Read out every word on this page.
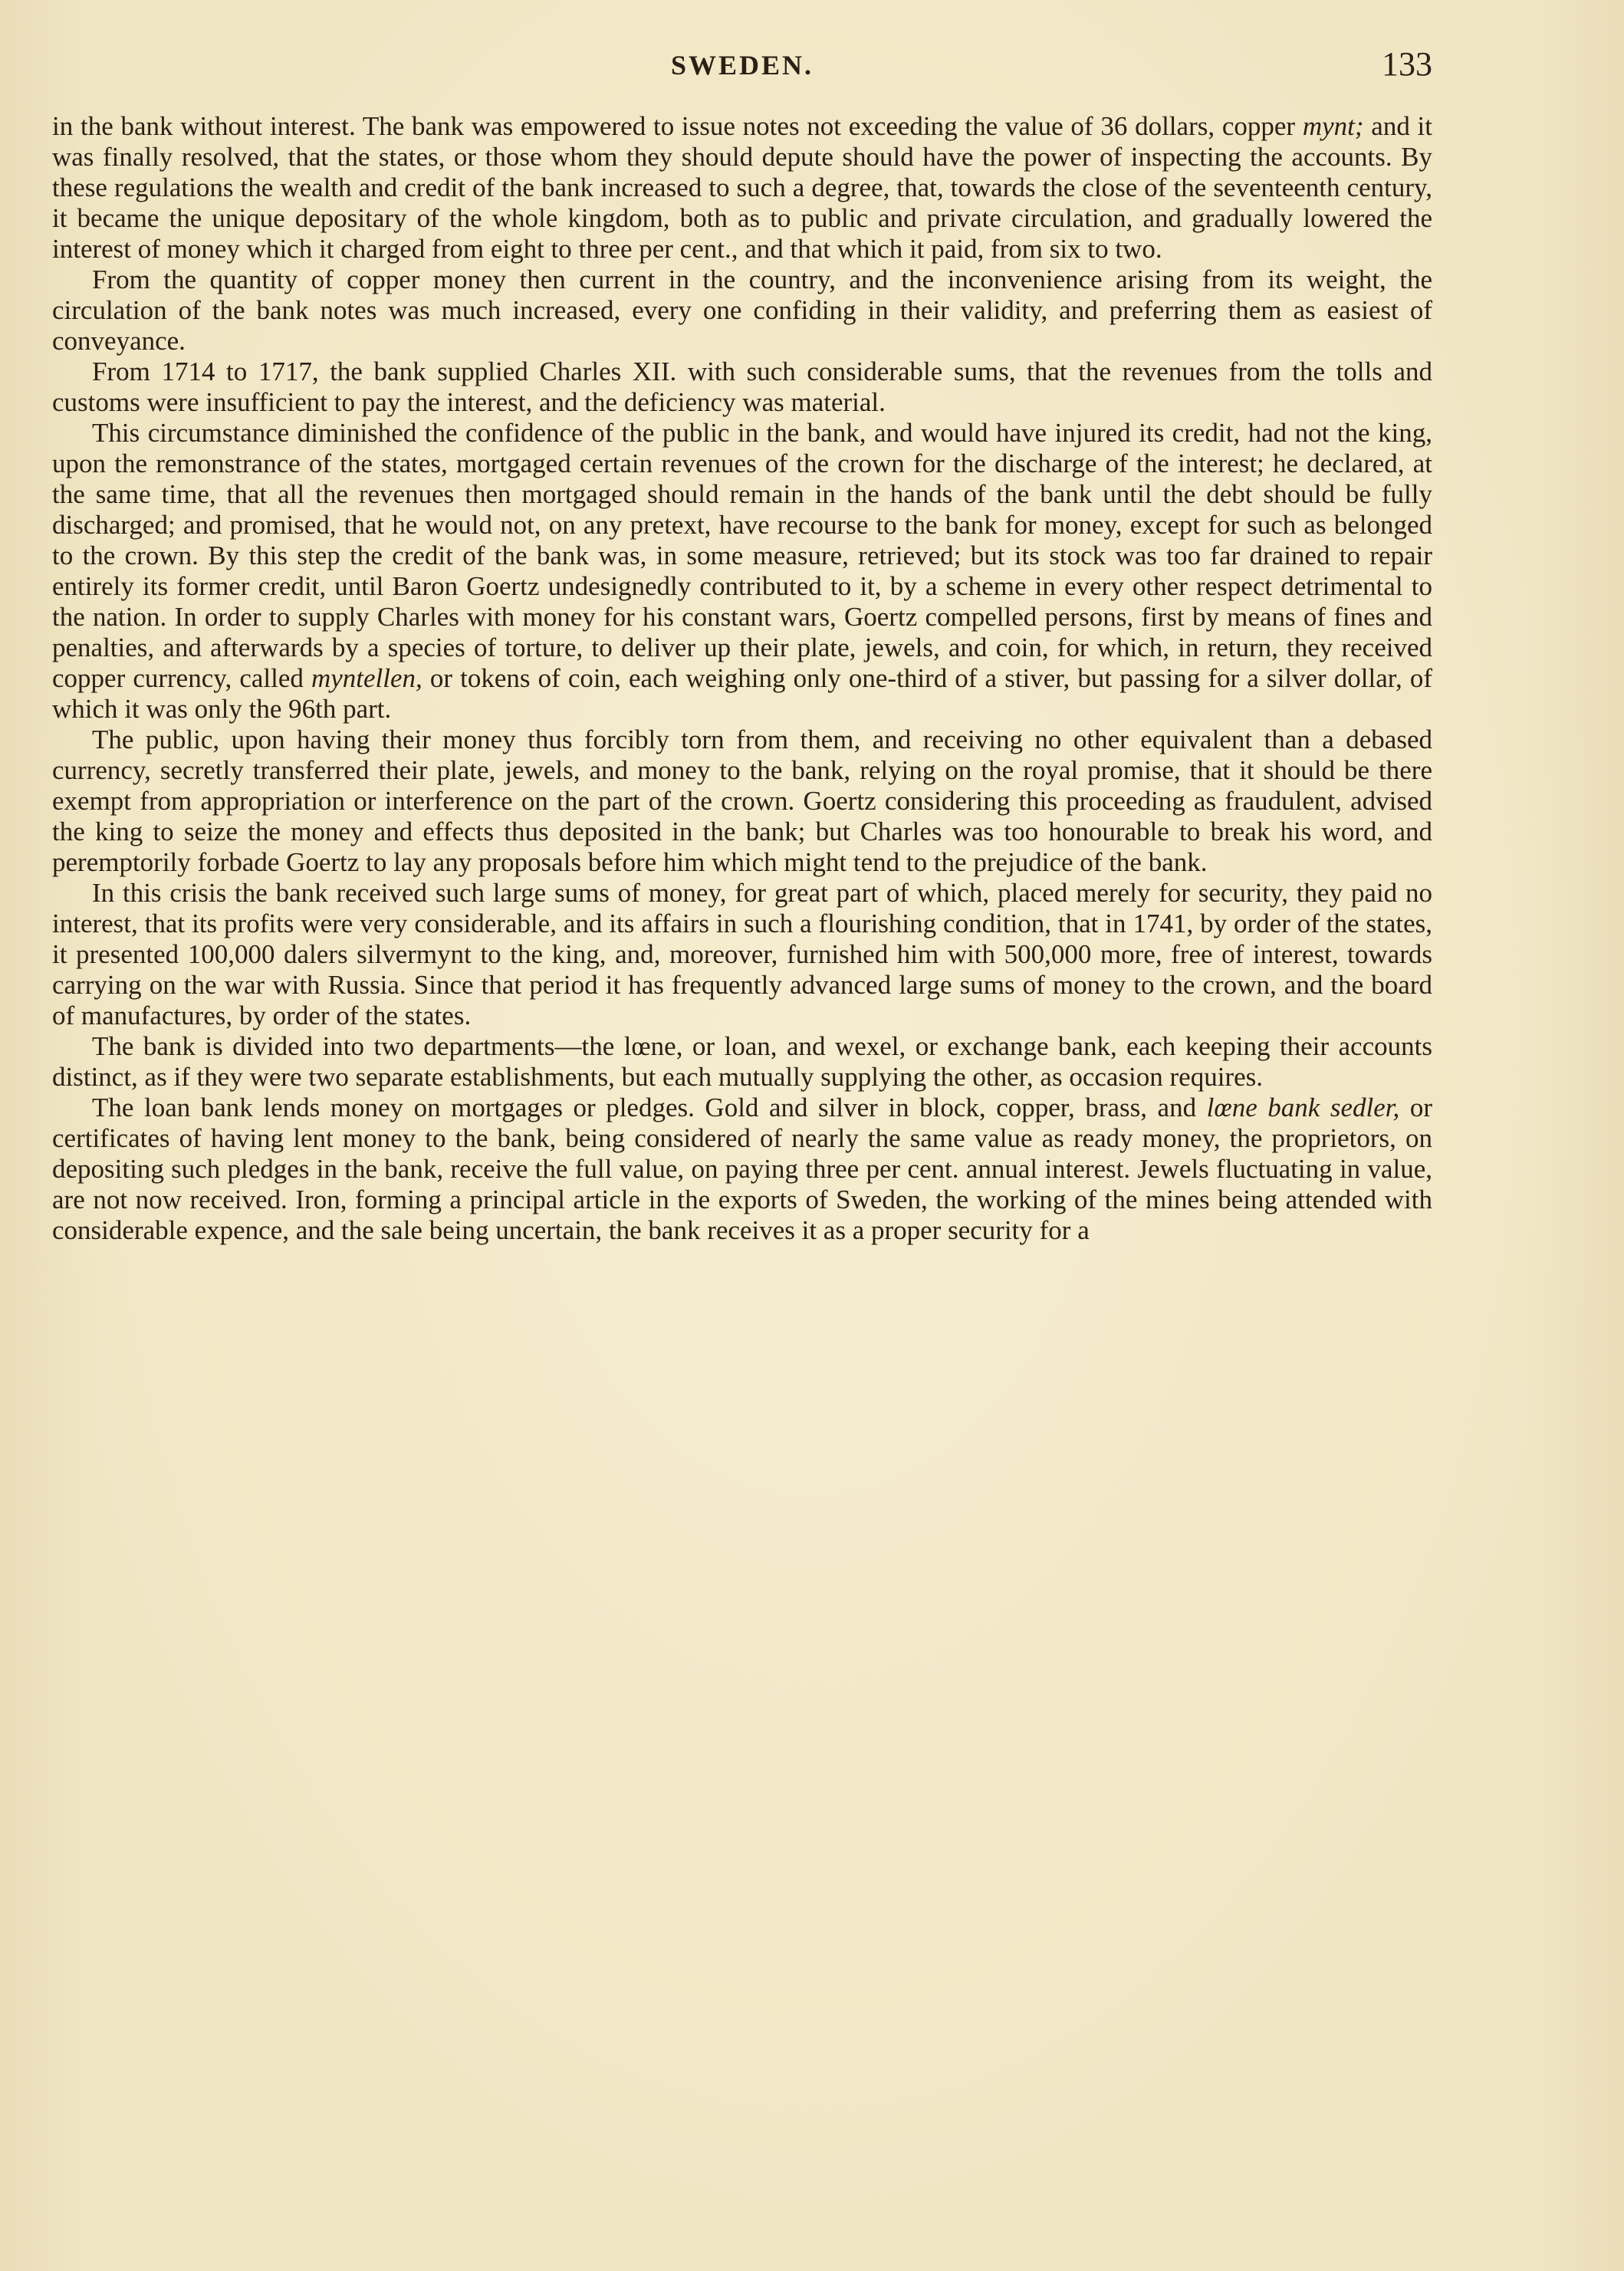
SWEDEN.	133

in the bank without interest. The bank was empowered to issue notes not exceeding the value of 36 dollars, copper mynt; and it was finally resolved, that the states, or those whom they should depute should have the power of inspecting the accounts. By these regulations the wealth and credit of the bank increased to such a degree, that, towards the close of the seventeenth century, it became the unique depositary of the whole kingdom, both as to public and private circulation, and gradually lowered the interest of money which it charged from eight to three per cent., and that which it paid, from six to two.

From the quantity of copper money then current in the country, and the inconvenience arising from its weight, the circulation of the bank notes was much increased, every one confiding in their validity, and preferring them as easiest of conveyance.

From 1714 to 1717, the bank supplied Charles XII. with such considerable sums, that the revenues from the tolls and customs were insufficient to pay the interest, and the deficiency was material.

This circumstance diminished the confidence of the public in the bank, and would have injured its credit, had not the king, upon the remonstrance of the states, mortgaged certain revenues of the crown for the discharge of the interest; he declared, at the same time, that all the revenues then mortgaged should remain in the hands of the bank until the debt should be fully discharged; and promised, that he would not, on any pretext, have recourse to the bank for money, except for such as belonged to the crown. By this step the credit of the bank was, in some measure, retrieved; but its stock was too far drained to repair entirely its former credit, until Baron Goertz undesignedly contributed to it, by a scheme in every other respect detrimental to the nation. In order to supply Charles with money for his constant wars, Goertz compelled persons, first by means of fines and penalties, and afterwards by a species of torture, to deliver up their plate, jewels, and coin, for which, in return, they received copper currency, called myntellen, or tokens of coin, each weighing only one-third of a stiver, but passing for a silver dollar, of which it was only the 96th part.

The public, upon having their money thus forcibly torn from them, and receiving no other equivalent than a debased currency, secretly transferred their plate, jewels, and money to the bank, relying on the royal promise, that it should be there exempt from appropriation or interference on the part of the crown. Goertz considering this proceeding as fraudulent, advised the king to seize the money and effects thus deposited in the bank; but Charles was too honourable to break his word, and peremptorily forbade Goertz to lay any proposals before him which might tend to the prejudice of the bank.

In this crisis the bank received such large sums of money, for great part of which, placed merely for security, they paid no interest, that its profits were very considerable, and its affairs in such a flourishing condition, that in 1741, by order of the states, it presented 100,000 dalers silvermynt to the king, and, moreover, furnished him with 500,000 more, free of interest, towards carrying on the war with Russia. Since that period it has frequently advanced large sums of money to the crown, and the board of manufactures, by order of the states.

The bank is divided into two departments—the lœne, or loan, and wexel, or exchange bank, each keeping their accounts distinct, as if they were two separate establishments, but each mutually supplying the other, as occasion requires.

The loan bank lends money on mortgages or pledges. Gold and silver in block, copper, brass, and lœne bank sedler, or certificates of having lent money to the bank, being considered of nearly the same value as ready money, the proprietors, on depositing such pledges in the bank, receive the full value, on paying three per cent. annual interest. Jewels fluctuating in value, are not now received. Iron, forming a principal article in the exports of Sweden, the working of the mines being attended with considerable expence, and the sale being uncertain, the bank receives it as a proper security for a
